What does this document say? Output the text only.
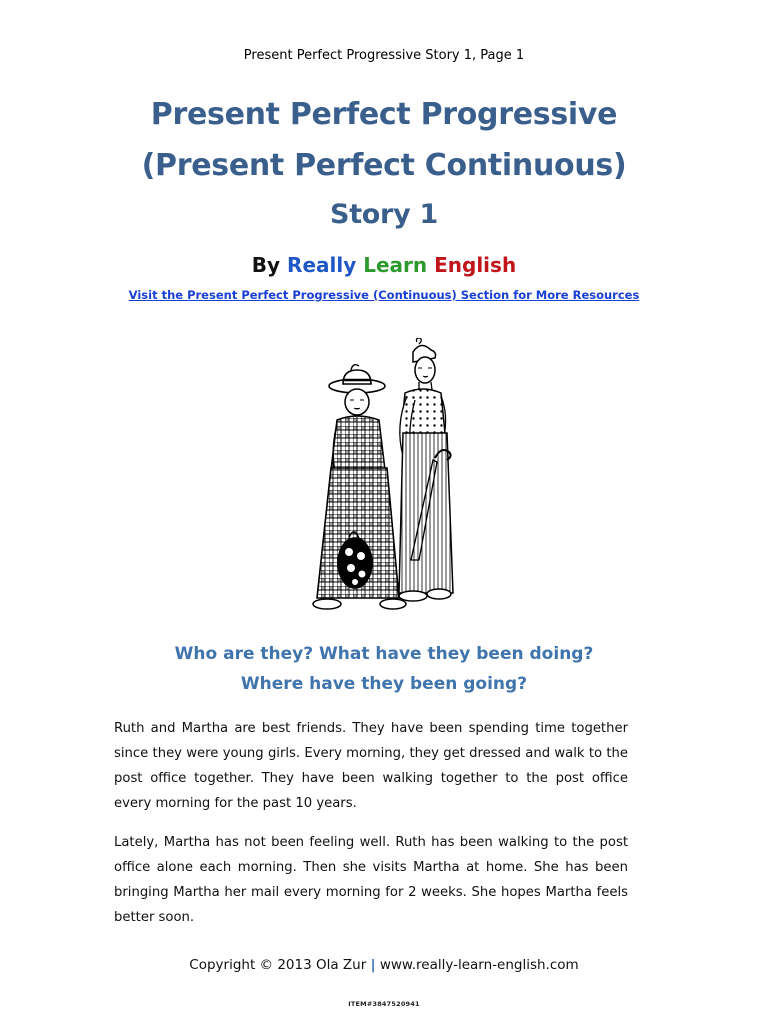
Present Perfect Progressive Story 1, Page 1
Present Perfect Progressive
(Present Perfect Continuous)
Story 1
By Really Learn English
Visit the Present Perfect Progressive (Continuous) Section for More Resources
Who are they? What have they been doing?
Where have they been going?
Ruth and Martha are best friends. They have been spending time together since they were young girls. Every morning, they get dressed and walk to the post office together. They have been walking together to the post office every morning for the past 10 years.
Lately, Martha has not been feeling well. Ruth has been walking to the post office alone each morning. Then she visits Martha at home. She has been bringing Martha her mail every morning for 2 weeks. She hopes Martha feels better soon.
Copyright © 2013 Ola Zur | www.really-learn-english.com
ITEM#3847520941
